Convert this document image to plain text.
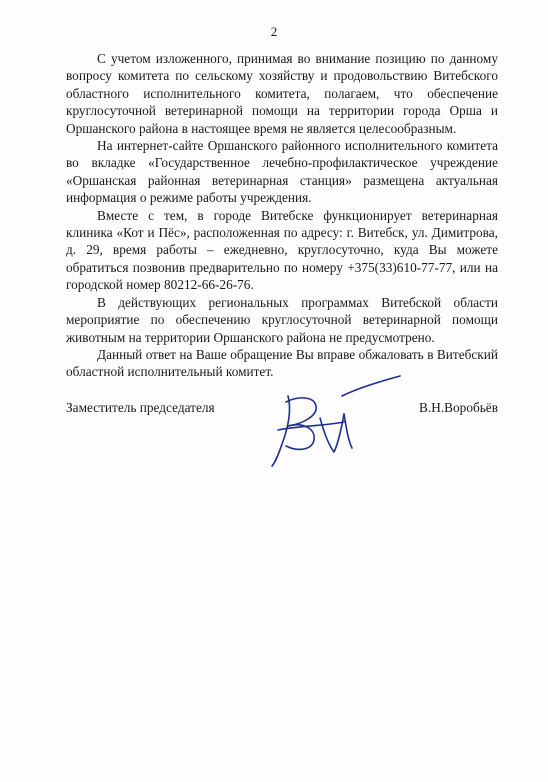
2

С учетом изложенного, принимая во внимание позицию по данному вопросу комитета по сельскому хозяйству и продовольствию Витебского областного исполнительного комитета, полагаем, что обеспечение круглосуточной ветеринарной помощи на территории города Орша и Оршанского района в настоящее время не является целесообразным.

На интернет-сайте Оршанского районного исполнительного комитета во вкладке «Государственное лечебно-профилактическое учреждение «Оршанская районная ветеринарная станция» размещена актуальная информация о режиме работы учреждения.

Вместе с тем, в городе Витебске функционирует ветеринарная клиника «Кот и Пёс», расположенная по адресу: г. Витебск, ул. Димитрова, д. 29, время работы – ежедневно, круглосуточно, куда Вы можете обратиться позвонив предварительно по номеру +375(33)610-77-77, или на городской номер 80212-66-26-76.

В действующих региональных программах Витебской области мероприятие по обеспечению круглосуточной ветеринарной помощи животным на территории Оршанского района не предусмотрено.

Данный ответ на Ваше обращение Вы вправе обжаловать в Витебский областной исполнительный комитет.

Заместитель председателя	В.Н.Воробьёв
